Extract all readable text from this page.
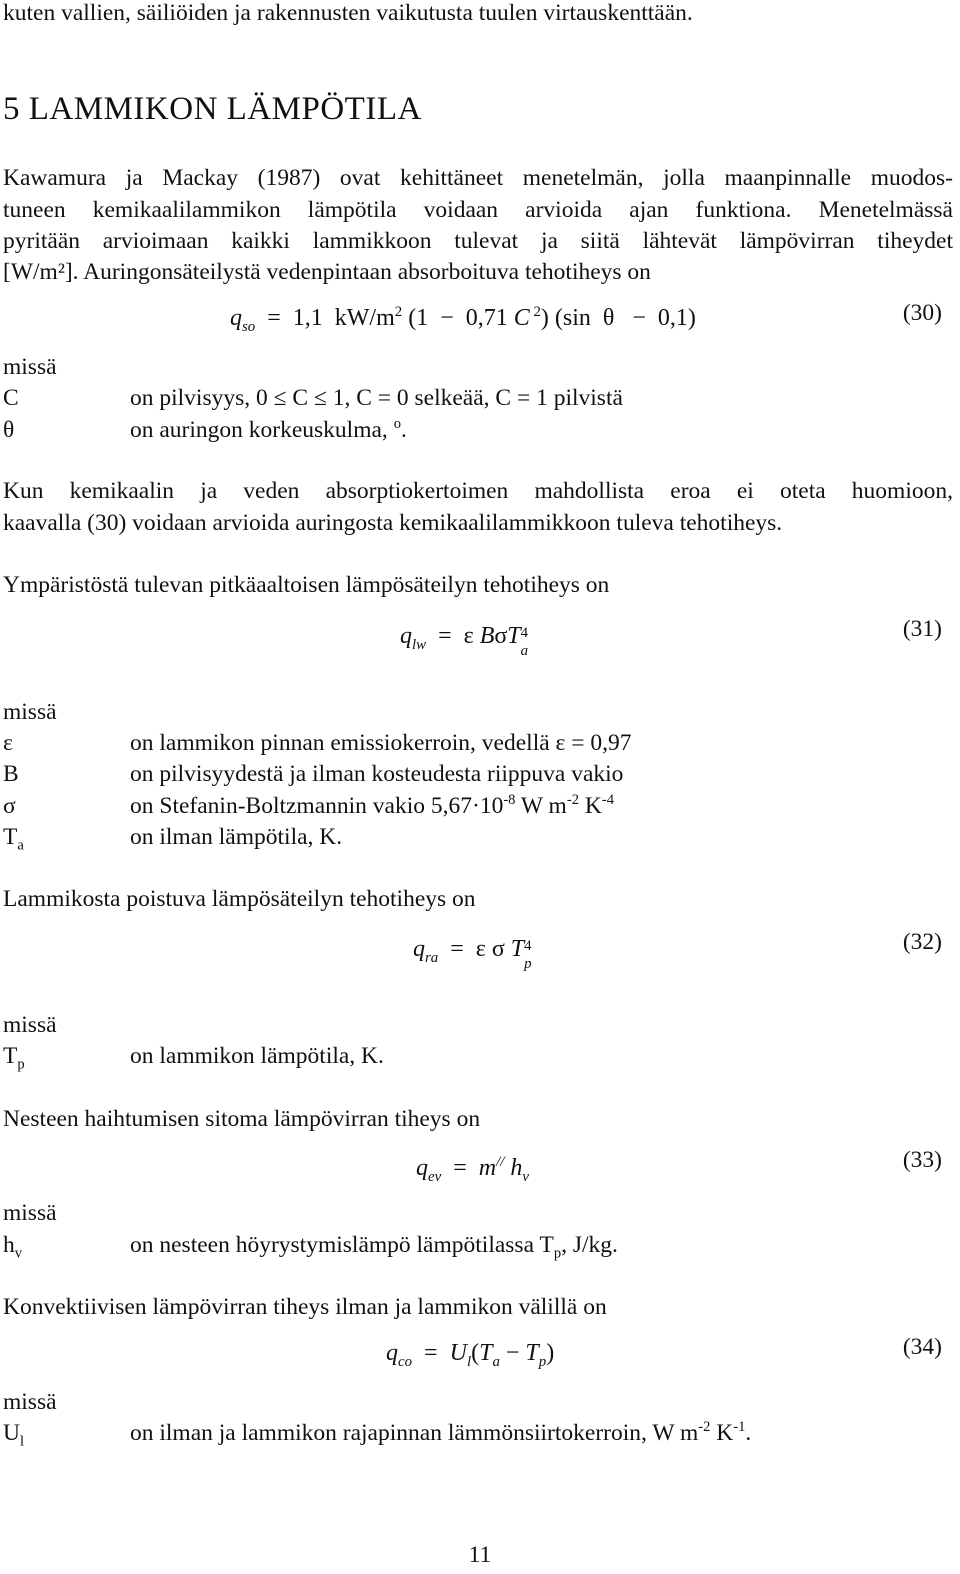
kuten vallien, säiliöiden ja rakennusten vaikutusta tuulen virtauskenttään.
5 LAMMIKON LÄMPÖTILA
Kawamura ja Mackay (1987) ovat kehittäneet menetelmän, jolla maanpinnalle muodos-
tuneen kemikaalilammikon lämpötila voidaan arvioida ajan funktiona. Menetelmässä
pyritään arvioimaan kaikki lammikkoon tulevat ja siitä lähtevät lämpövirran tiheydet
[W/m²]. Auringonsäteilystä vedenpintaan absorboituva tehotiheys on
$q_{so} = 1,1$  $kW/m^2$ (1  −  0,71 C $^2$) (sin  θ   −  0,1)	(30)
missä
C	on pilvisyys, 0 ≤ C ≤ 1, C = 0 selkeää, C = 1 pilvistä
θ	on auringon korkeuskulma, $^o$.
Kun kemikaalin ja veden absorptiokertoimen mahdollista eroa ei oteta huomioon,
kaavalla (30) voidaan arvioida auringosta kemikaalilammikkoon tuleva tehotiheys.
Ympäristöstä tulevan pitkäaaltoisen lämpösäteilyn tehotiheys on
$q_{lw} = \varepsilon$ BσT 4
a
(31)
missä
ε	on lammikon pinnan emissiokerroin, vedellä ε = 0,97
B	on pilvisyydestä ja ilman kosteudesta riippuva vakio
σ	on Stefanin-Boltzmannin vakio $5,67\cdot 10^{-8}$ W $m^{-2}$ $K^{-4}$
$T_a$	on ilman lämpötila, K.
Lammikosta poistuva lämpösäteilyn tehotiheys on
$q_{ra} = \varepsilon$ σ T 4
p
(32)
missä
$T_p$	on lammikon lämpötila, K.
Nesteen haihtumisen sitoma lämpövirran tiheys on
$q_{ev} = m^{//}$ $h_v$
(33)
missä
$h_v$	on nesteen höyrystymislämpö lämpötilassa $T_p$, J/kg.
Konvektiivisen lämpövirran tiheys ilman ja lammikon välillä on
$q_{co} = U_l(T_a - T_p)$	(34)
missä
$U_l$	on ilman ja lammikon rajapinnan lämmönsiirtokerroin, W $m^{-2}$ $K^{-1}$.
11
